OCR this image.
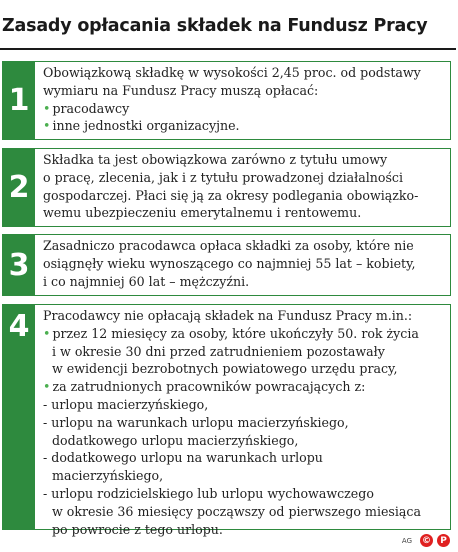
Zasady opłacania składek na Fundusz Pracy
1
Obowiązkową składkę w wysokości 2,45 proc. od podstawy
wymiaru na Fundusz Pracy muszą opłacać:
• pracodawcy
• inne jednostki organizacyjne.
2
Składka ta jest obowiązkowa zarówno z tytułu umowy
o pracę, zlecenia, jak i z tytułu prowadzonej działalności
gospodarczej. Płaci się ją za okresy podlegania obowiązko-
wemu ubezpieczeniu emerytalnemu i rentowemu.
3
Zasadniczo pracodawca opłaca składki za osoby, które nie
osiągnęły wieku wynoszącego co najmniej 55 lat – kobiety,
i co najmniej 60 lat – mężczyźni.
4	Pracodawcy nie opłacają składek na Fundusz Pracy m.in.:
• przez 12 miesięcy za osoby, które ukończyły 50. rok życia
i w okresie 30 dni przed zatrudnieniem pozostawały
w ewidencji bezrobotnych powiatowego urzędu pracy,
• za zatrudnionych pracowników powracających z:
- urlopu macierzyńskiego,
- urlopu na warunkach urlopu macierzyńskiego,
dodatkowego urlopu macierzyńskiego,
- dodatkowego urlopu na warunkach urlopu
macierzyńskiego,
- urlopu rodzicielskiego lub urlopu wychowawczego
w okresie 36 miesięcy począwszy od pierwszego miesiąca
po powrocie z tego urlopu.
AG ©	P
